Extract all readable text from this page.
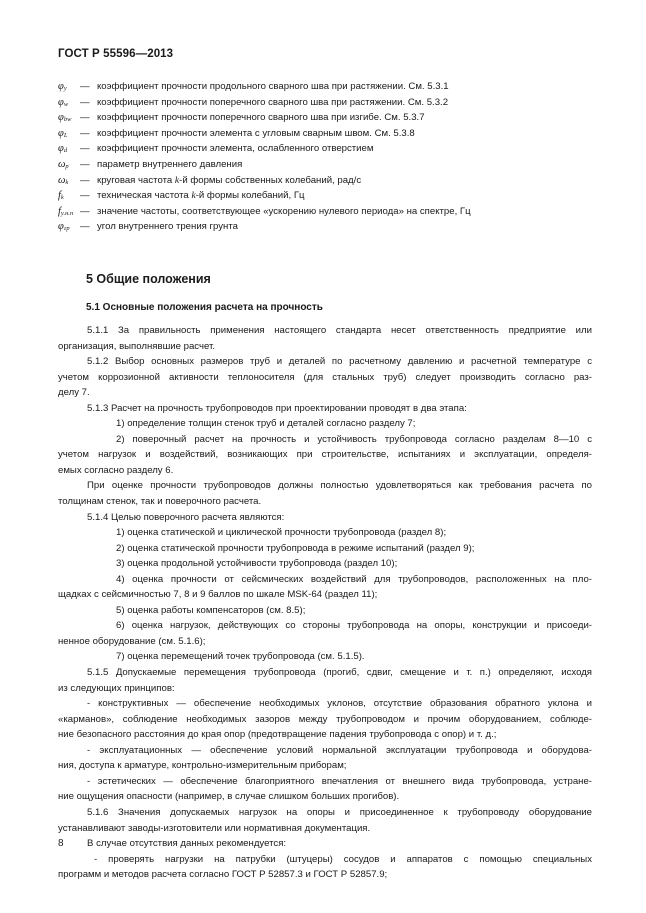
ГОСТ Р 55596—2013
$\varphi_y$ — коэффициент прочности продольного сварного шва при растяжении. См. 5.3.1
$\varphi_w$ — коэффициент прочности поперечного сварного шва при растяжении. См. 5.3.2
$\varphi_{bw}$ — коэффициент прочности поперечного сварного шва при изгибе. См. 5.3.7
$\varphi_L$ — коэффициент прочности элемента с угловым сварным швом. См. 5.3.8
$\varphi_d$ — коэффициент прочности элемента, ослабленного отверстием
$\omega_p$ — параметр внутреннего давления
$\omega_k$ — круговая частота k-й формы собственных колебаний, рад/с
$f_k$ — техническая частота k-й формы колебаний, Гц
$f_{y.н.п}$ — значение частоты, соответствующее «ускорению нулевого периода» на спектре, Гц
$\varphi_{гр}$ — угол внутреннего трения грунта
5 Общие положения
5.1 Основные положения расчета на прочность
5.1.1 За правильность применения настоящего стандарта несет ответственность предприятие или
организация, выполнявшие расчет.
5.1.2 Выбор основных размеров труб и деталей по расчетному давлению и расчетной температуре с
учетом коррозионной активности теплоносителя (для стальных труб) следует производить согласно раз-
делу 7.
5.1.3 Расчет на прочность трубопроводов при проектировании проводят в два этапа:
1) определение толщин стенок труб и деталей согласно разделу 7;
2) поверочный расчет на прочность и устойчивость трубопровода согласно разделам 8—10 с
учетом нагрузок и воздействий, возникающих при строительстве, испытаниях и эксплуатации, определя-
емых согласно разделу 6.
При оценке прочности трубопроводов должны полностью удовлетворяться как требования расчета по
толщинам стенок, так и поверочного расчета.
5.1.4 Целью поверочного расчета являются:
1) оценка статической и циклической прочности трубопровода (раздел 8);
2) оценка статической прочности трубопровода в режиме испытаний (раздел 9);
3) оценка продольной устойчивости трубопровода (раздел 10);
4) оценка прочности от сейсмических воздействий для трубопроводов, расположенных на пло-
щадках с сейсмичностью 7, 8 и 9 баллов по шкале MSK-64 (раздел 11);
5) оценка работы компенсаторов (см. 8.5);
6) оценка нагрузок, действующих со стороны трубопровода на опоры, конструкции и присоеди-
ненное оборудование (см. 5.1.6);
7) оценка перемещений точек трубопровода (см. 5.1.5).
5.1.5 Допускаемые перемещения трубопровода (прогиб, сдвиг, смещение и т. п.) определяют, исходя
из следующих принципов:
- конструктивных — обеспечение необходимых уклонов, отсутствие образования обратного уклона и
«карманов», соблюдение необходимых зазоров между трубопроводом и прочим оборудованием, соблюде-
ние безопасного расстояния до края опор (предотвращение падения трубопровода с опор) и т. д.;
- эксплуатационных — обеспечение условий нормальной эксплуатации трубопровода и оборудова-
ния, доступа к арматуре, контрольно-измерительным приборам;
- эстетических — обеспечение благоприятного впечатления от внешнего вида трубопровода, устране-
ние ощущения опасности (например, в случае слишком больших прогибов).
5.1.6 Значения допускаемых нагрузок на опоры и присоединенное к трубопроводу оборудование
устанавливают заводы-изготовители или нормативная документация.
В случае отсутствия данных рекомендуется:
- проверять нагрузки на патрубки (штуцеры) сосудов и аппаратов с помощью специальных
программ и методов расчета согласно ГОСТ Р 52857.3 и ГОСТ Р 52857.9;
8
